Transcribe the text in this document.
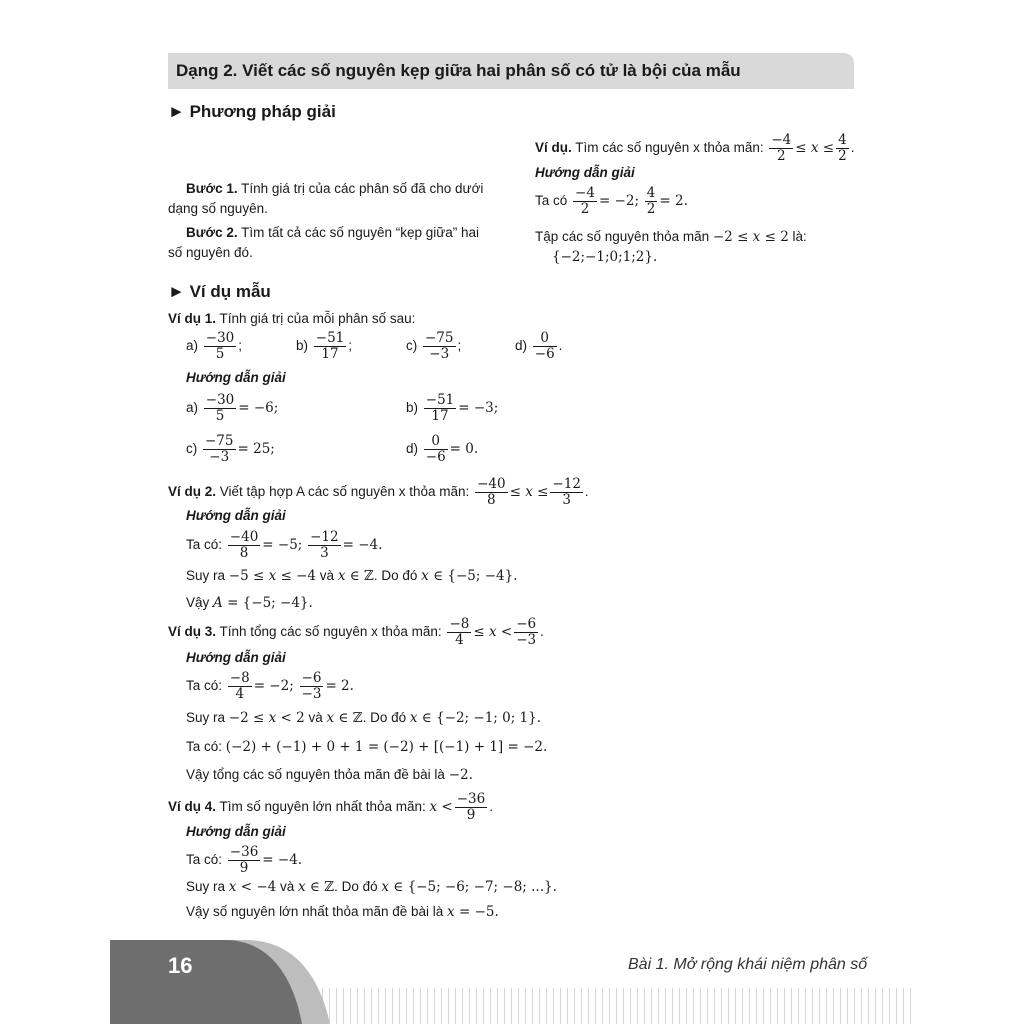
Dạng 2. Viết các số nguyên kẹp giữa hai phân số có tử là bội của mẫu
► Phương pháp giải
Bước 1. Tính giá trị của các phân số đã cho dưới
dạng số nguyên.
Bước 2. Tìm tất cả các số nguyên “kẹp giữa” hai
số nguyên đó.
Ví dụ. Tìm các số nguyên x thỏa mãn: $\frac{-4}{2} \le x \le \frac{4}{2}$ .
Hướng dẫn giải
Ta có $\frac{-4}{2} = -2$; $\frac{4}{2} = 2$.
Tập các số nguyên thỏa mãn −2 ≤ x ≤ 2 là:
{−2;−1;0;1;2}.
► Ví dụ mẫu
Ví dụ 1. Tính giá trị của mỗi phân số sau:
$a) \frac{-30}{5}$ ;	$b) \frac{-51}{17}$ ;	$c) \frac{-75}{-3}$ ;	$d) \frac{0}{-6}$ .
Hướng dẫn giải
$a) \frac{-30}{5} = -6$;	$b) \frac{-51}{17} = -3$;
$c) \frac{-75}{-3} = 25$;	$d) \frac{0}{-6} = 0$.
Ví dụ 2. Viết tập hợp A các số nguyên x thỏa mãn: $\frac{-40}{8} \le x \le \frac{-12}{3}$ .
Hướng dẫn giải
Ta có: $\frac{-40}{8} = -5$; $\frac{-12}{3} = -4$.
Suy ra −5 ≤ x ≤ −4 và x ∈ ℤ. Do đó x ∈ {−5; −4}.
Vậy A = {−5; −4}.
Ví dụ 3. Tính tổng các số nguyên x thỏa mãn: $\frac{-8}{4} \le x < \frac{-6}{-3}$ .
Hướng dẫn giải
Ta có: $\frac{-8}{4} = -2$; $\frac{-6}{-3} = 2$.
Suy ra −2 ≤ x < 2 và x ∈ ℤ. Do đó x ∈ {−2; −1; 0; 1}.
Ta có: (−2) + (−1) + 0 + 1 = (−2) + [(−1) + 1] = −2.
Vậy tổng các số nguyên thỏa mãn đề bài là −2.
Ví dụ 4. Tìm số nguyên lớn nhất thỏa mãn: $x < \frac{-36}{9}$ .
Hướng dẫn giải
Ta có: $\frac{-36}{9} = -4$.
Suy ra x < −4 và x ∈ ℤ. Do đó x ∈ {−5; −6; −7; −8; ...}.
Vậy số nguyên lớn nhất thỏa mãn đề bài là x = −5.
16	Bài 1. Mở rộng khái niệm phân số
